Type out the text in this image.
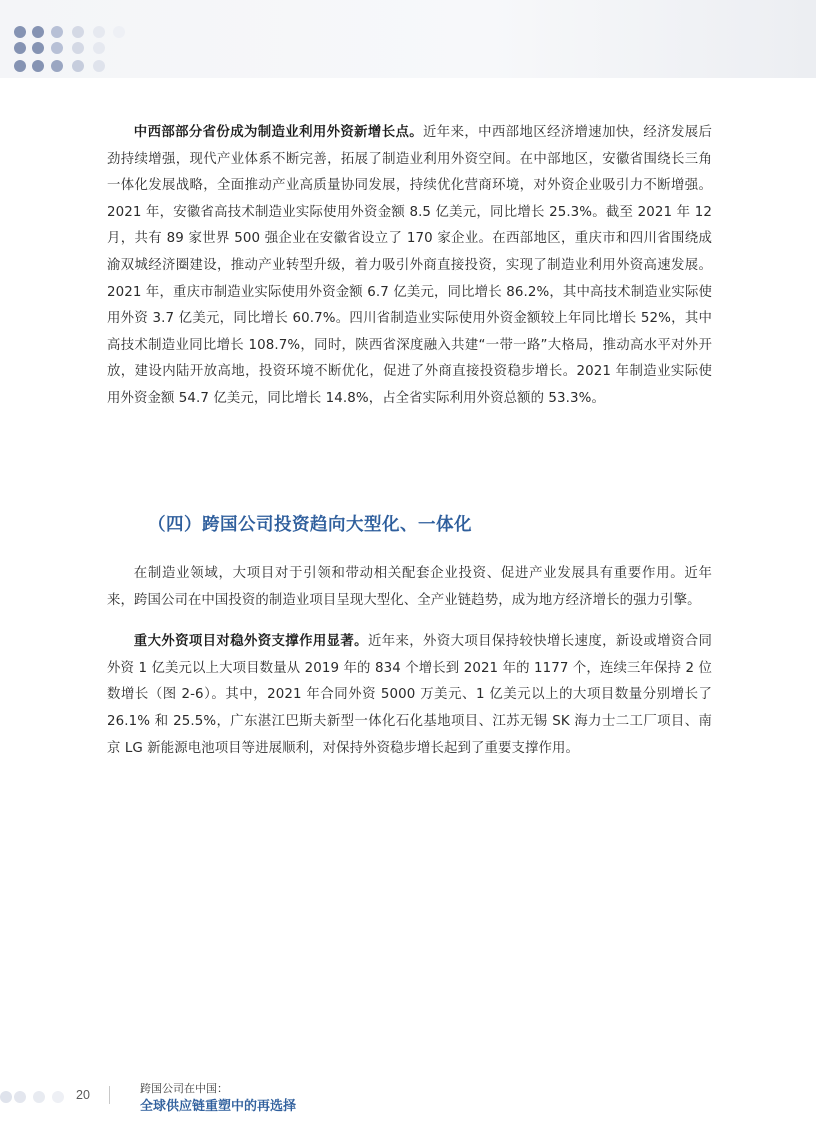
中西部部分省份成为制造业利用外资新增长点。近年来，中西部地区经济增速加快，经济发展后劲持续增强，现代产业体系不断完善，拓展了制造业利用外资空间。在中部地区，安徽省围绕长三角一体化发展战略，全面推动产业高质量协同发展，持续优化营商环境，对外资企业吸引力不断增强。2021 年，安徽省高技术制造业实际使用外资金额 8.5 亿美元，同比增长 25.3%。截至 2021 年 12 月，共有 89 家世界 500 强企业在安徽省设立了 170 家企业。在西部地区，重庆市和四川省围绕成渝双城经济圈建设，推动产业转型升级，着力吸引外商直接投资，实现了制造业利用外资高速发展。2021 年，重庆市制造业实际使用外资金额 6.7 亿美元，同比增长 86.2%，其中高技术制造业实际使用外资 3.7 亿美元，同比增长 60.7%。四川省制造业实际使用外资金额较上年同比增长 52%，其中高技术制造业同比增长 108.7%，同时，陕西省深度融入共建“一带一路”大格局，推动高水平对外开放，建设内陆开放高地，投资环境不断优化，促进了外商直接投资稳步增长。2021 年制造业实际使用外资金额 54.7 亿美元，同比增长 14.8%，占全省实际利用外资总额的 53.3%。

（四）跨国公司投资趋向大型化、一体化

在制造业领域，大项目对于引领和带动相关配套企业投资、促进产业发展具有重要作用。近年来，跨国公司在中国投资的制造业项目呈现大型化、全产业链趋势，成为地方经济增长的强力引擎。

重大外资项目对稳外资支撑作用显著。近年来，外资大项目保持较快增长速度，新设或增资合同外资 1 亿美元以上大项目数量从 2019 年的 834 个增长到 2021 年的 1177 个，连续三年保持 2 位数增长（图 2-6）。其中，2021 年合同外资 5000 万美元、1 亿美元以上的大项目数量分别增长了 26.1% 和 25.5%，广东湛江巴斯夫新型一体化石化基地项目、江苏无锡 SK 海力士二工厂项目、南京 LG 新能源电池项目等进展顺利，对保持外资稳步增长起到了重要支撑作用。

20	跨国公司在中国：
全球供应链重塑中的再选择
